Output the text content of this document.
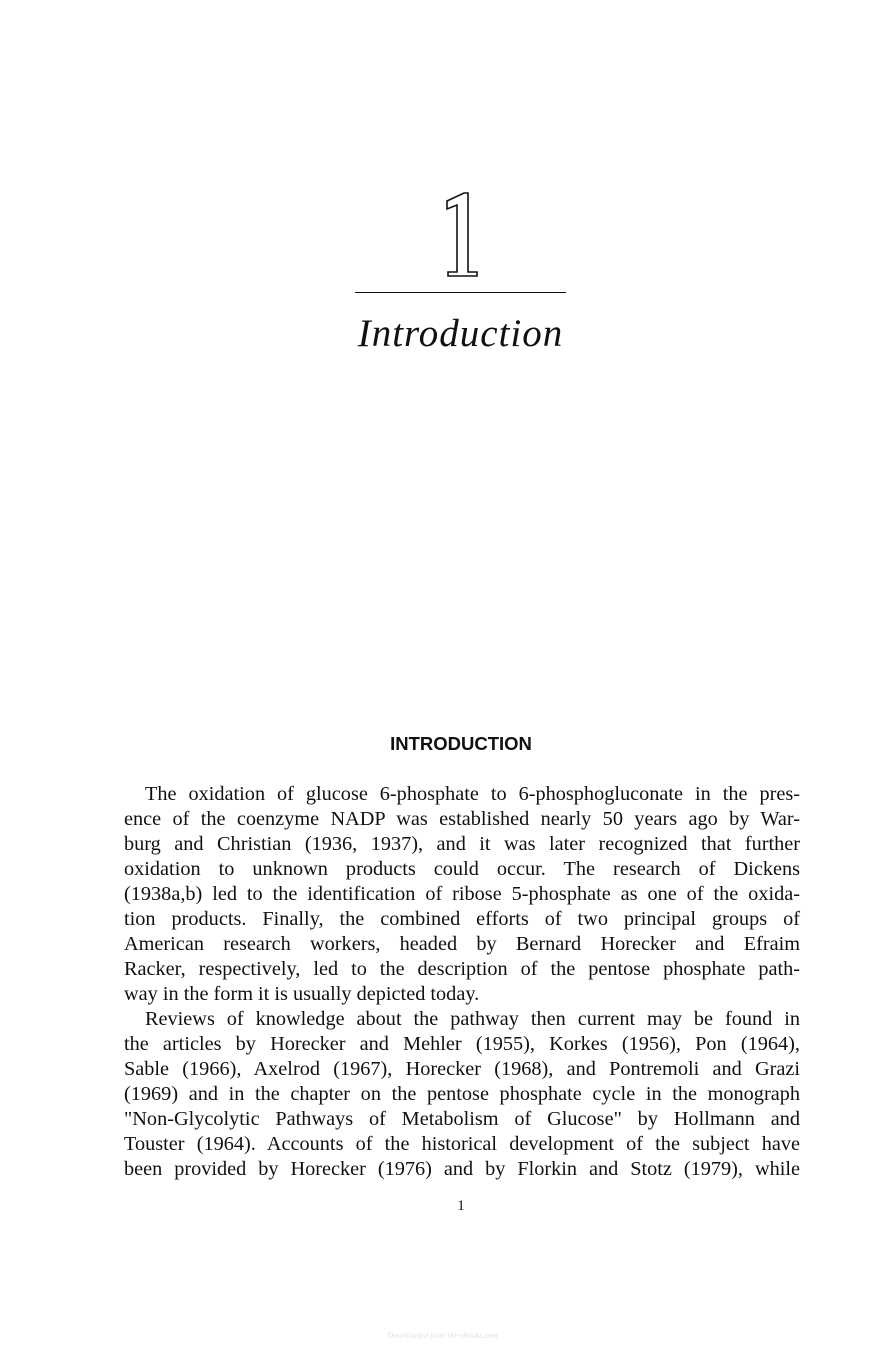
Introduction
INTRODUCTION
The oxidation of glucose 6-phosphate to 6-phosphogluconate in the pres-
ence of the coenzyme NADP was established nearly 50 years ago by War-
burg and Christian (1936, 1937), and it was later recognized that further
oxidation to unknown products could occur. The research of Dickens
(1938a,b) led to the identification of ribose 5-phosphate as one of the oxida-
tion products. Finally, the combined efforts of two principal groups of
American research workers, headed by Bernard Horecker and Efraim
Racker, respectively, led to the description of the pentose phosphate path-
way in the form it is usually depicted today.
Reviews of knowledge about the pathway then current may be found in
the articles by Horecker and Mehler (1955), Korkes (1956), Pon (1964),
Sable (1966), Axelrod (1967), Horecker (1968), and Pontremoli and Grazi
(1969) and in the chapter on the pentose phosphate cycle in the monograph
"Non-Glycolytic Pathways of Metabolism of Glucose" by Hollmann and
Touster (1964). Accounts of the historical development of the subject have
been provided by Horecker (1976) and by Florkin and Stotz (1979), while
1
Downloaded from Vet-eBooks.com
